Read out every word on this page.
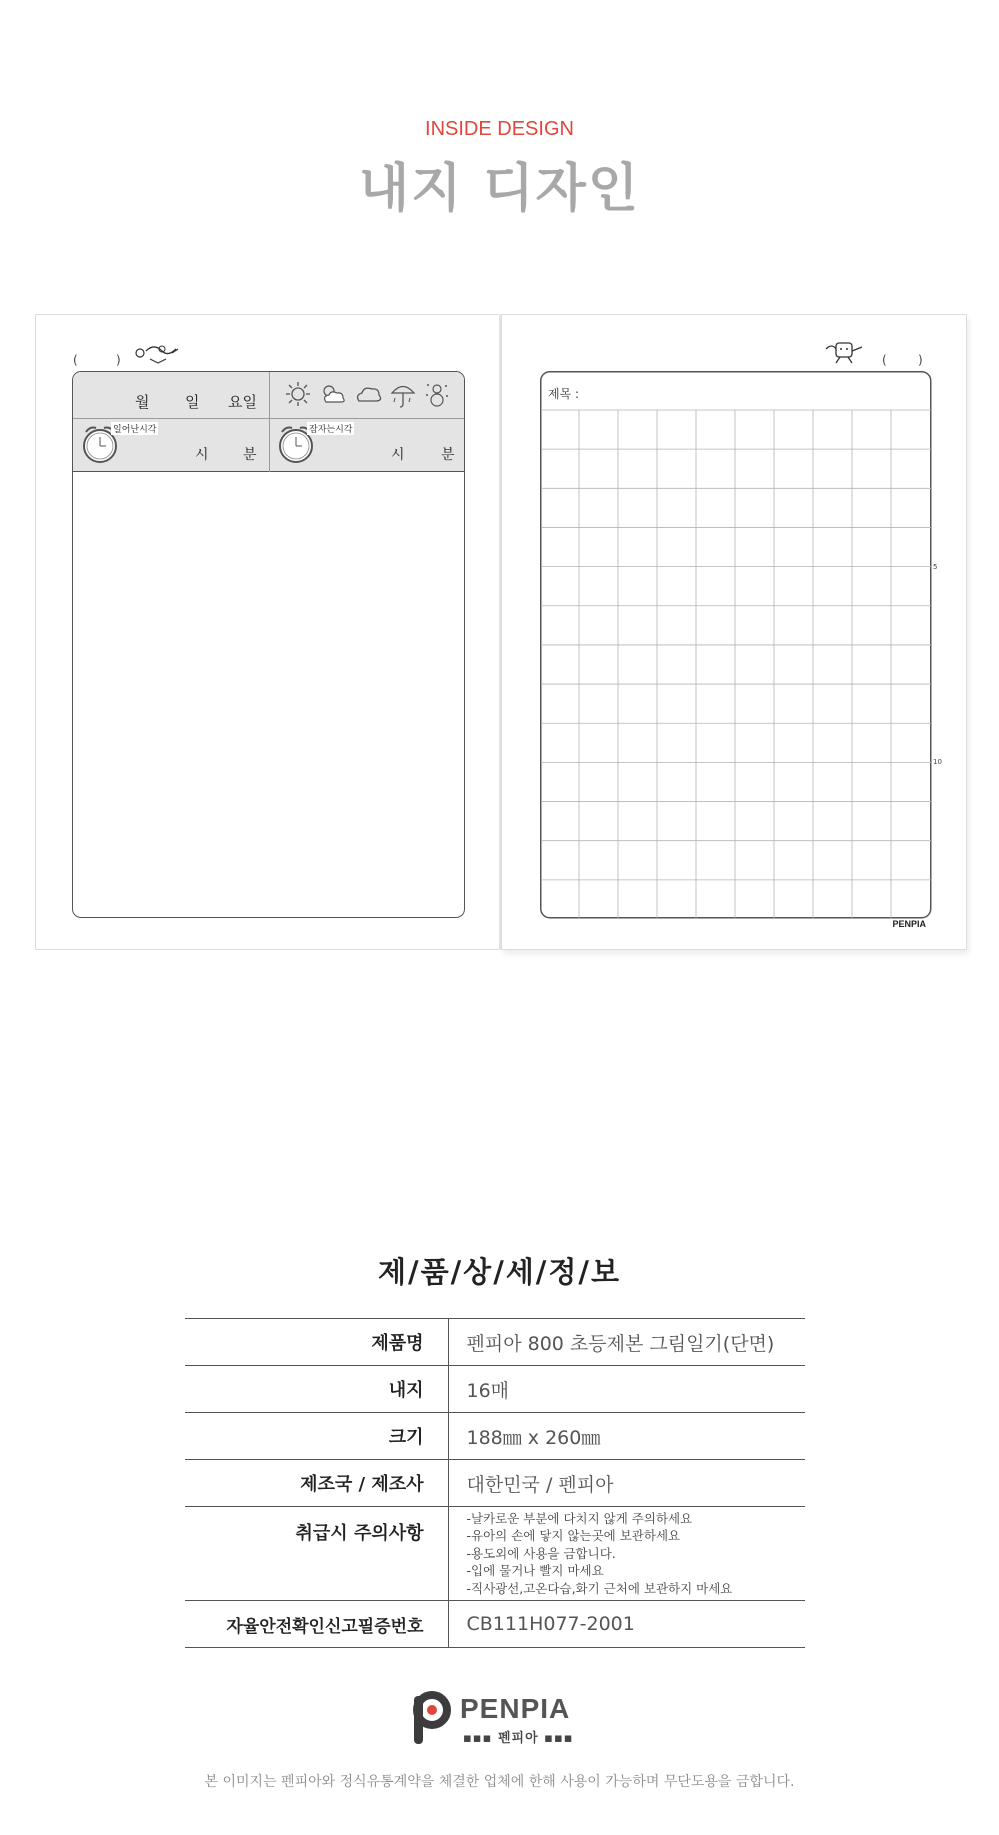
INSIDE DESIGN
내지 디자인
(	)
월 일 요일
일어난시각
시 분
잠자는시각
시	분
(	)
제목 :
5
10
PENPIA
제/품/상/세/정/보
제품명	펜피아 800 초등제본 그림일기(단면)
내지	16매
크기	188㎜ x 260㎜
제조국 / 제조사	대한민국 / 펜피아
취급시 주의사항	-날카로운 부분에 다치지 않게 주의하세요
-유아의 손에 닿지 않는곳에 보관하세요
-용도외에 사용을 금합니다.
-입에 물거나 빨지 마세요
-직사광선,고온다습,화기 근처에 보관하지 마세요

자율안전확인신고필증번호	CB111H077-2001
PENPIA
▪▪▪ 펜피아 ▪▪▪
본 이미지는 펜피아와 정식유통계약을 체결한 업체에 한해 사용이 가능하며 무단도용을 금합니다.
